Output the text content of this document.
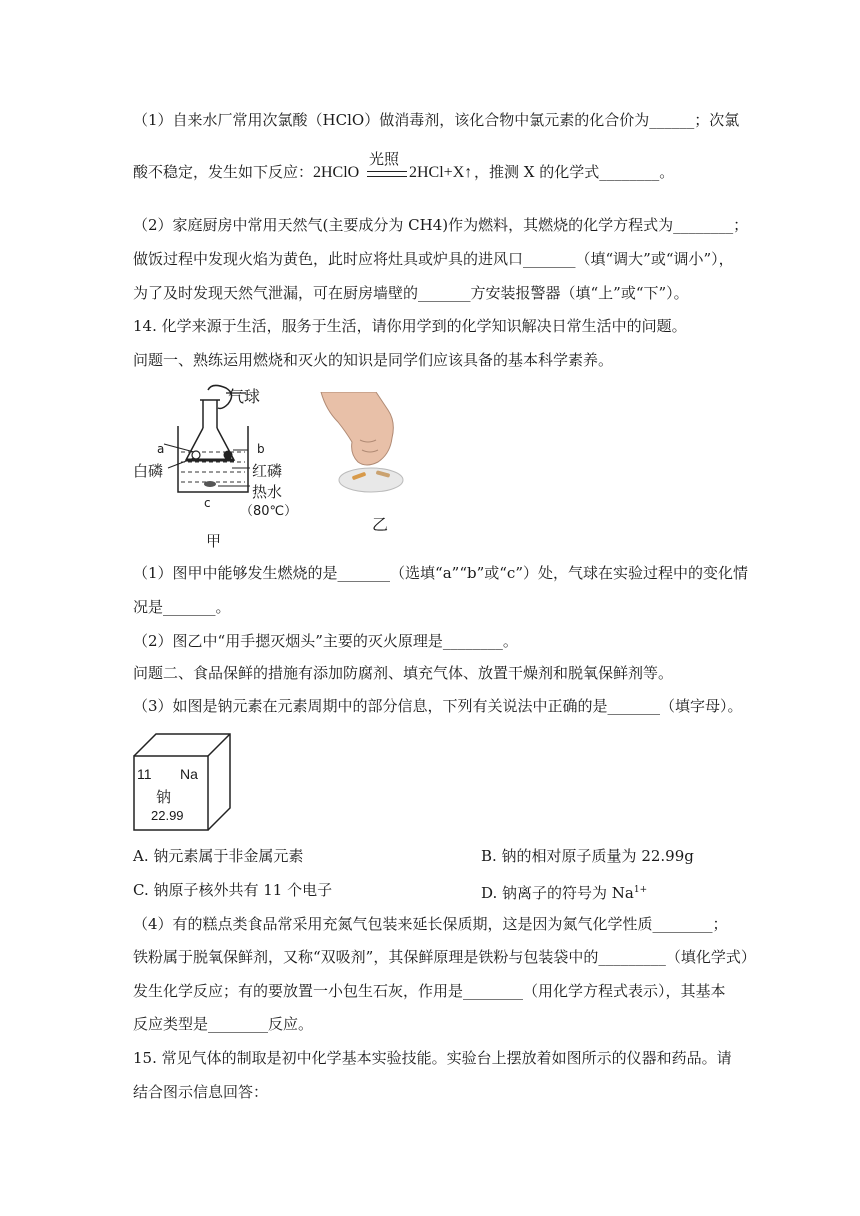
（1）自来水厂常用次氯酸（HClO）做消毒剂，该化合物中氯元素的化合价为______；次氯
酸不稳定，发生如下反应： 2HClO
光照
2HCl+X↑ ，推测 X 的化学式________。
（2）家庭厨房中常用天然气(主要成分为 CH4)作为燃料，其燃烧的化学方程式为________；
做饭过程中发现火焰为黄色，此时应将灶具或炉具的进风口_______（填“调大”或“调小”），
为了及时发现天然气泄漏，可在厨房墙壁的_______方安装报警器（填“上”或“下”）。
14. 化学来源于生活，服务于生活，请你用学到的化学知识解决日常生活中的问题。
问题一、熟练运用燃烧和灭火的知识是同学们应该具备的基本科学素养。
气球
a	b
白磷	红磷
热水
c
（80℃）
甲
乙
（1）图甲中能够发生燃烧的是_______（选填“a”“b”或“c”）处，气球在实验过程中的变化情
况是_______。
（2）图乙中“用手摁灭烟头”主要的灭火原理是________。
问题二、食品保鲜的措施有添加防腐剂、填充气体、放置干燥剂和脱氧保鲜剂等。
（3）如图是钠元素在元素周期中的部分信息，下列有关说法中正确的是_______（填字母）。
11 Na
钠
22.99
A. 钠元素属于非金属元素	B. 钠的相对原子质量为 22.99g
C. 钠原子核外共有 11 个电子	D. 钠离子的符号为 $Na^{1+}$
（4）有的糕点类食品常采用充氮气包装来延长保质期，这是因为氮气化学性质________；
铁粉属于脱氧保鲜剂，又称“双吸剂”，其保鲜原理是铁粉与包装袋中的_________（填化学式）
发生化学反应；有的要放置一小包生石灰，作用是________（用化学方程式表示），其基本
反应类型是________反应。
15. 常见气体的制取是初中化学基本实验技能。实验台上摆放着如图所示的仪器和药品。请
结合图示信息回答：
